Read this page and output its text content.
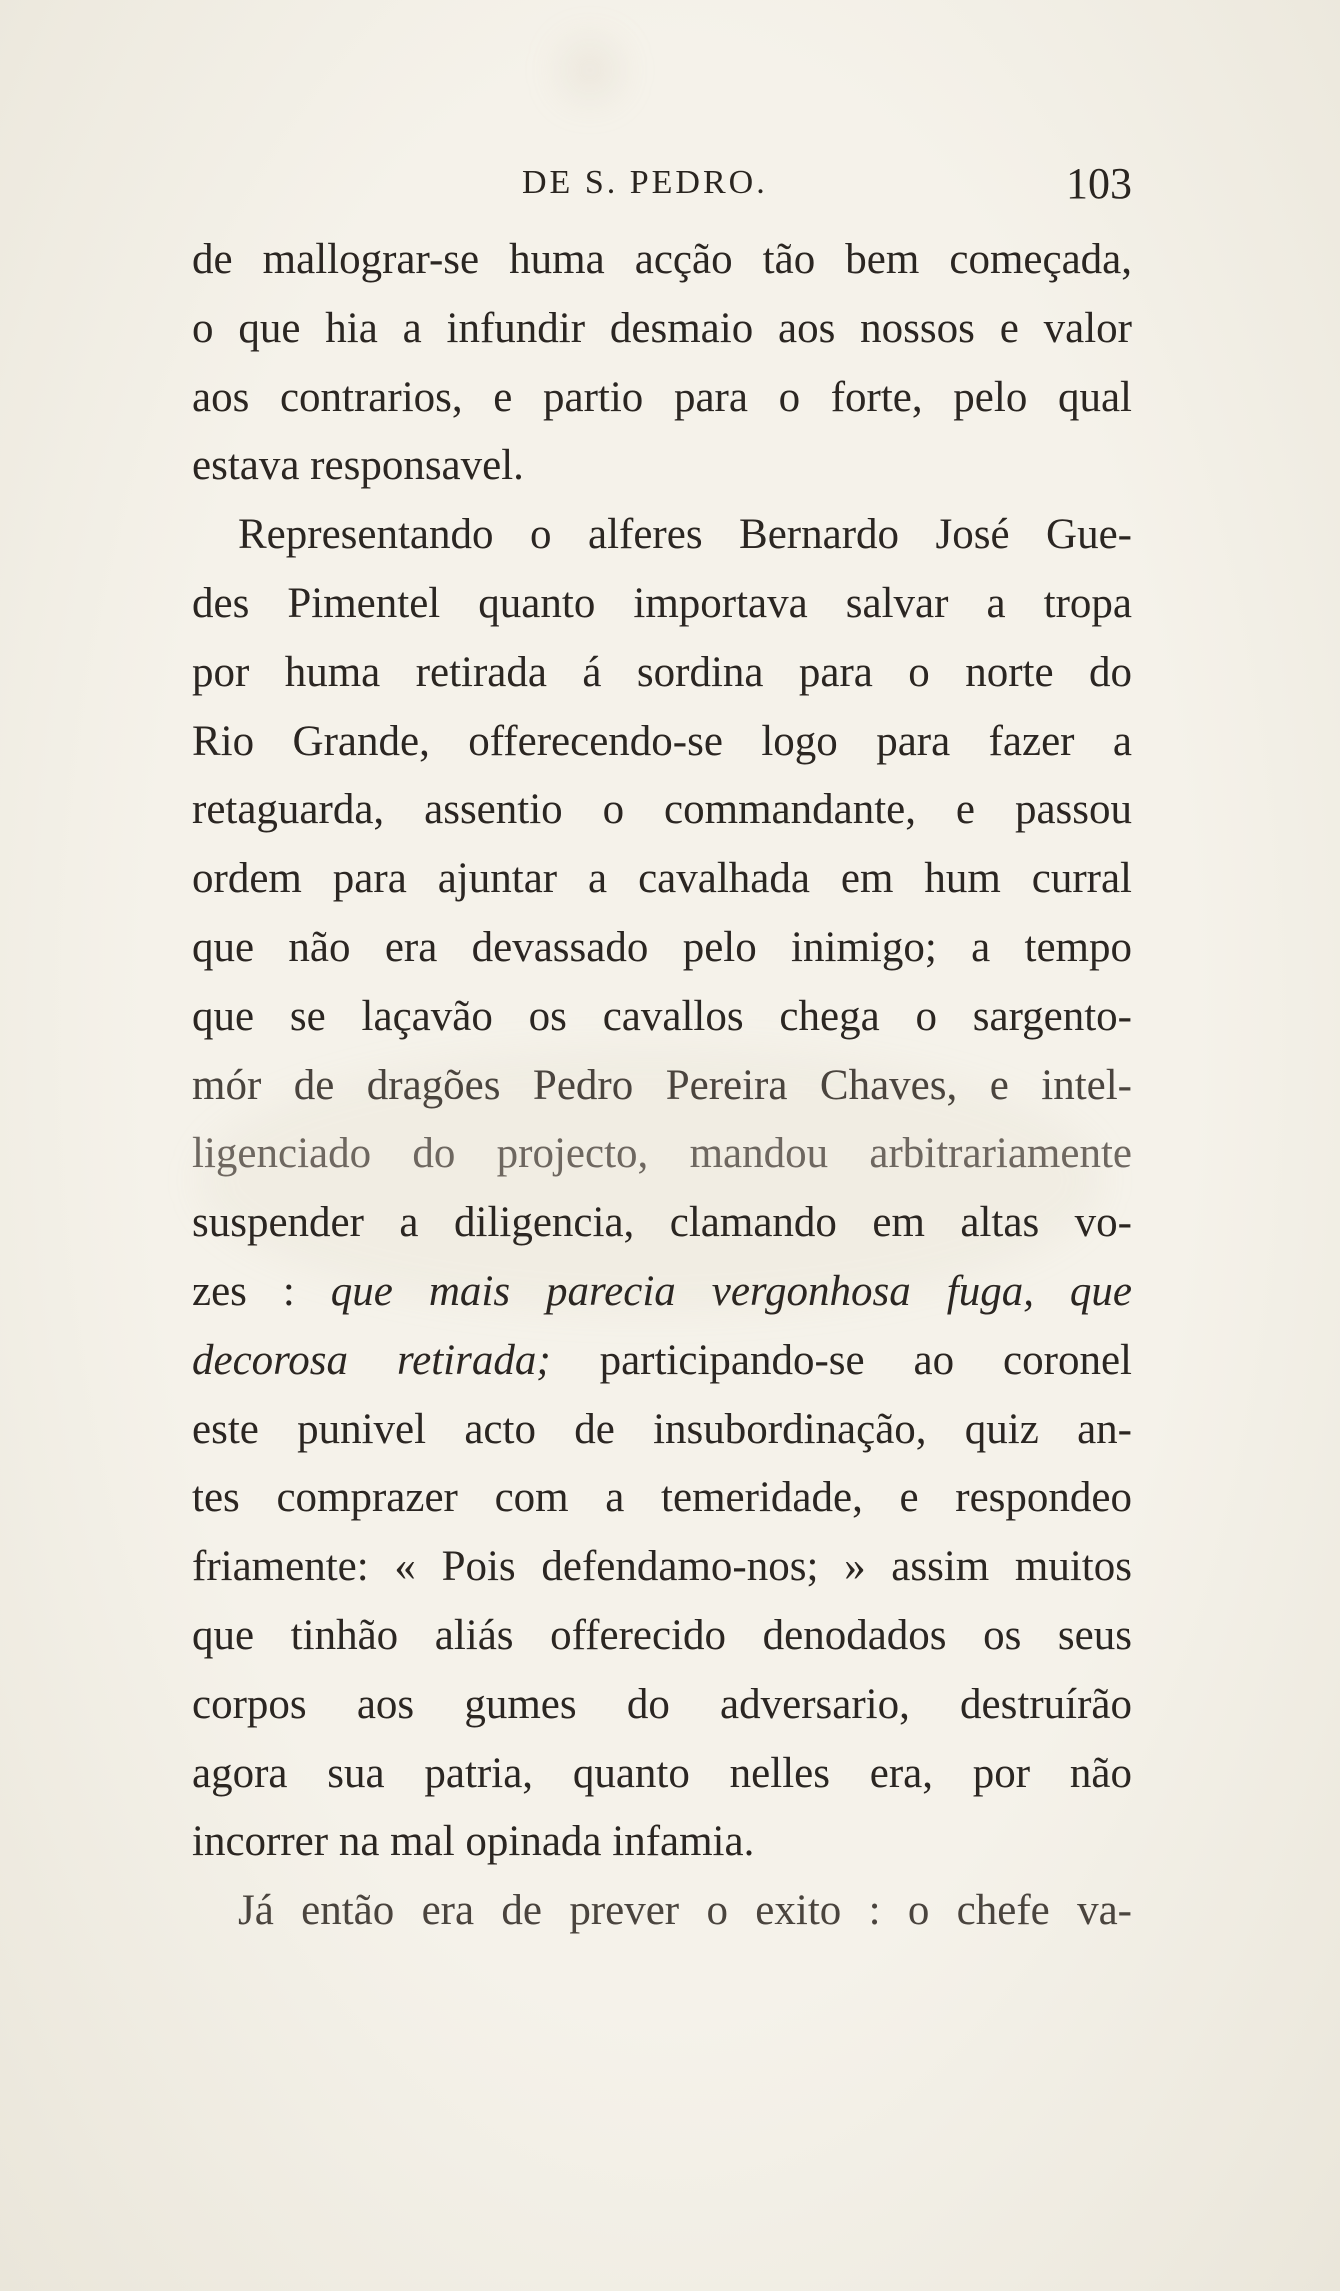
DE S. PEDRO.	103
de mallograr-se huma acção tão bem começada,
o que hia a infundir desmaio aos nossos e valor
aos contrarios, e partio para o forte, pelo qual
estava responsavel.
Representando o alferes Bernardo José Gue-
des Pimentel quanto importava salvar a tropa
por huma retirada á sordina para o norte do
Rio Grande, offerecendo-se logo para fazer a
retaguarda, assentio o commandante, e passou
ordem para ajuntar a cavalhada em hum curral
que não era devassado pelo inimigo; a tempo
que se laçavão os cavallos chega o sargento-
mór de dragões Pedro Pereira Chaves, e intel-
ligenciado do projecto, mandou arbitrariamente
suspender a diligencia, clamando em altas vo-
zes : que mais parecia vergonhosa fuga, que
decorosa retirada; participando-se ao coronel
este punivel acto de insubordinação, quiz an-
tes comprazer com a temeridade, e respondeo
friamente: « Pois defendamo-nos; » assim muitos
que tinhão aliás offerecido denodados os seus
corpos aos gumes do adversario, destruírão
agora sua patria, quanto nelles era, por não
incorrer na mal opinada infamia.
Já então era de prever o exito : o chefe va-
